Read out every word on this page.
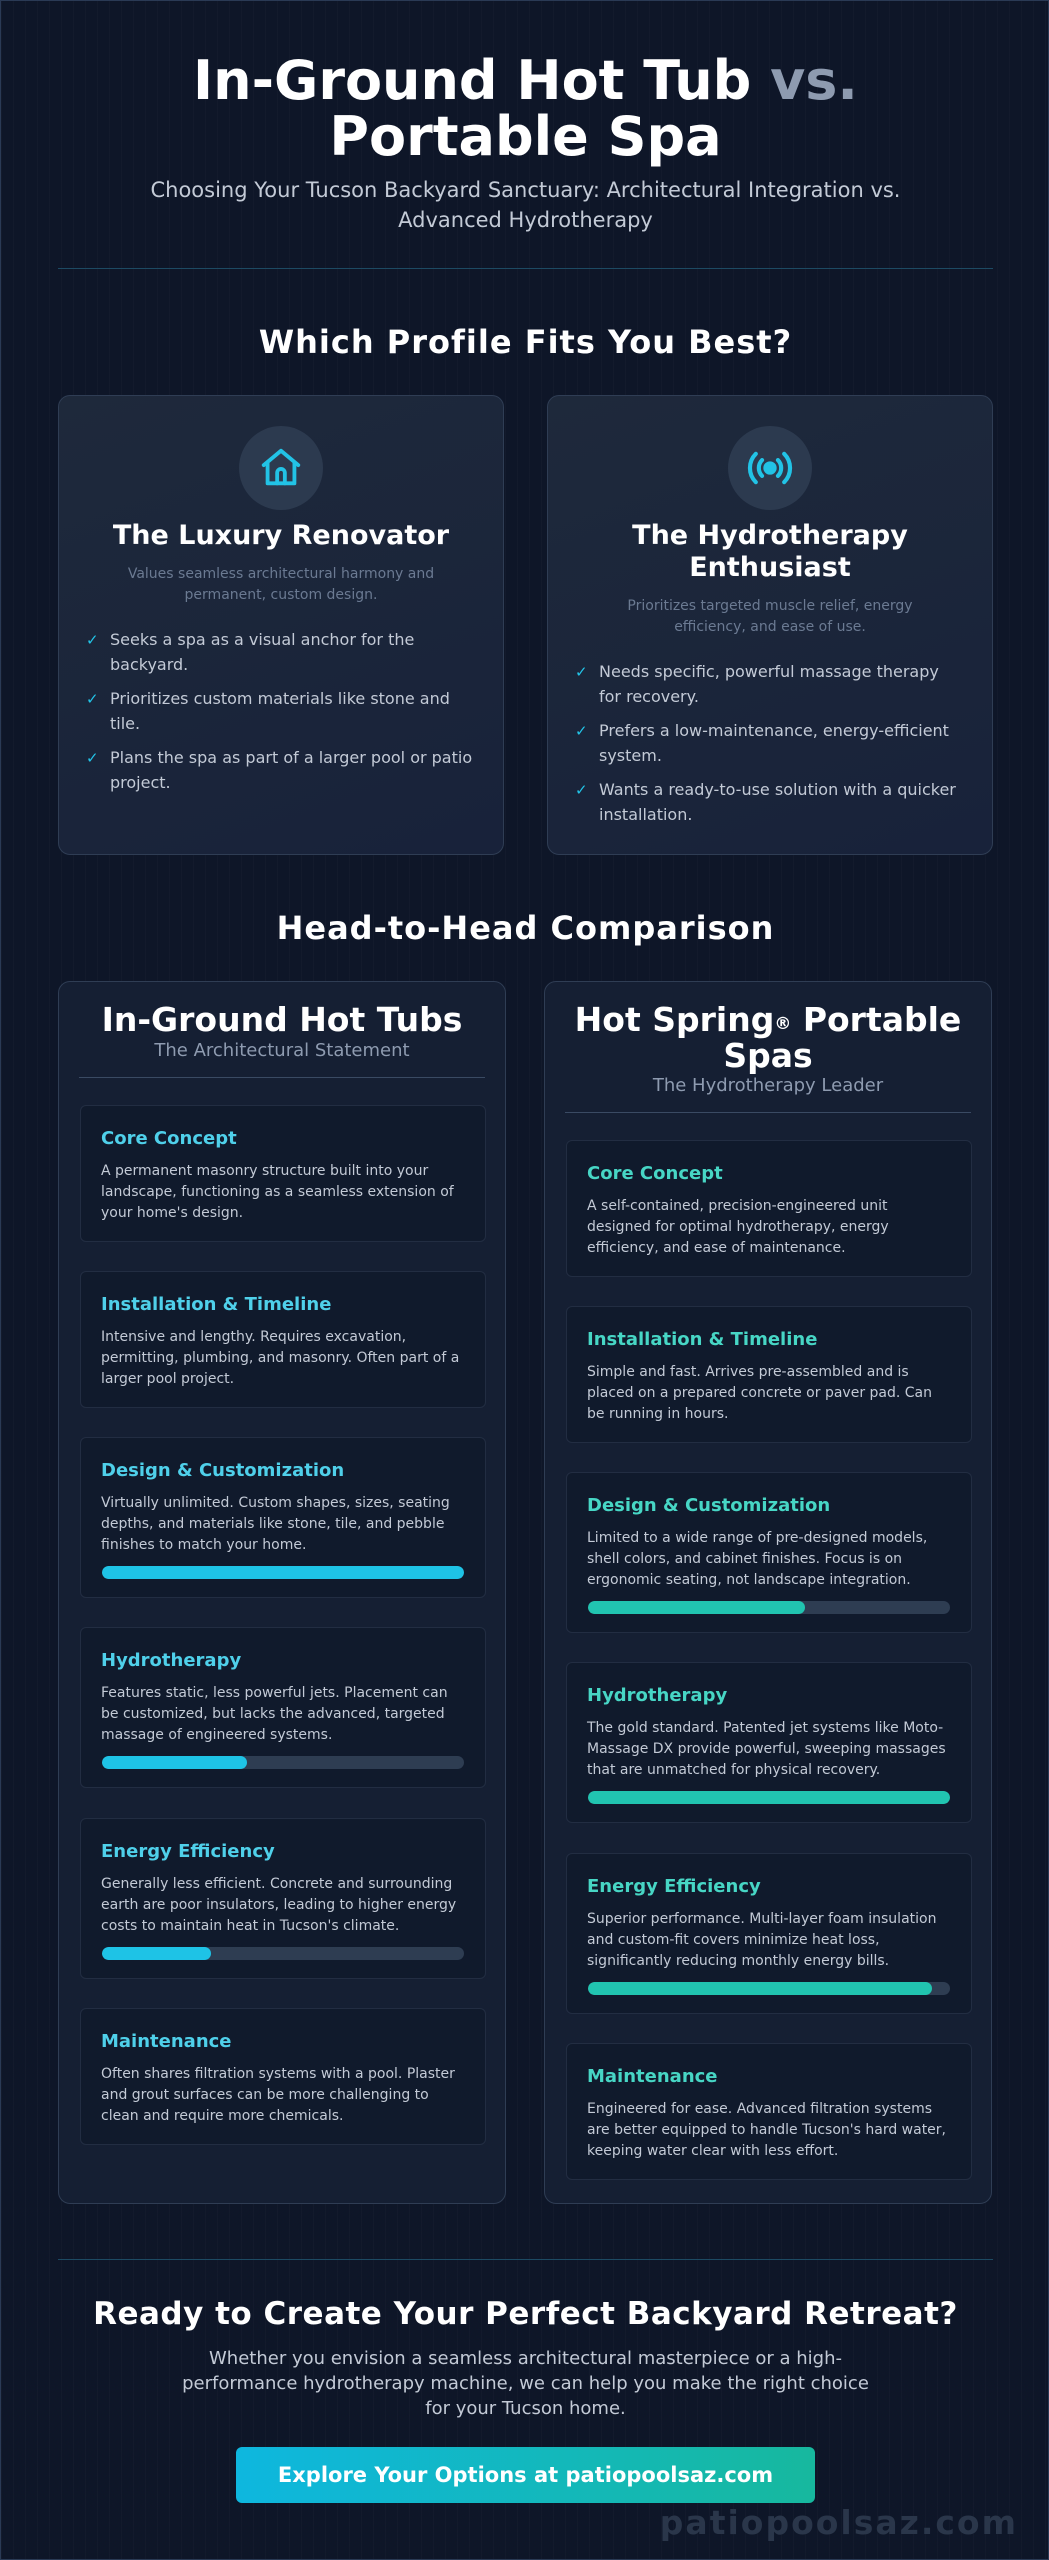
In-Ground Hot Tub vs. Portable Spa

Choosing Your Tucson Backyard Sanctuary: Architectural Integration vs. Advanced Hydrotherapy

Which Profile Fits You Best?
The Luxury Renovator
Values seamless architectural harmony and permanent, custom design.
✓ Seeks a spa as a visual anchor for the backyard.
✓ Prioritizes custom materials like stone and tile.
✓ Plans the spa as part of a larger pool or patio project.
The Hydrotherapy Enthusiast
Prioritizes targeted muscle relief, energy efficiency, and ease of use.
✓ Needs specific, powerful massage therapy for recovery.
✓ Prefers a low-maintenance, energy-efficient system.
✓ Wants a ready-to-use solution with a quicker installation.
Head-to-Head Comparison
In-Ground Hot Tubs
The Architectural Statement
Core Concept
A permanent masonry structure built into your landscape, functioning as a seamless extension of your home's design.
Installation & Timeline
Intensive and lengthy. Requires excavation, permitting, plumbing, and masonry. Often part of a larger pool project.
Design & Customization
Virtually unlimited. Custom shapes, sizes, seating depths, and materials like stone, tile, and pebble finishes to match your home.
Hydrotherapy
Features static, less powerful jets. Placement can be customized, but lacks the advanced, targeted massage of engineered systems.
Energy Efficiency
Generally less efficient. Concrete and surrounding earth are poor insulators, leading to higher energy costs to maintain heat in Tucson's climate.
Maintenance
Often shares filtration systems with a pool. Plaster and grout surfaces can be more challenging to clean and require more chemicals.
Hot Spring® Portable Spas
The Hydrotherapy Leader
Core Concept
A self-contained, precision-engineered unit designed for optimal hydrotherapy, energy efficiency, and ease of maintenance.
Installation & Timeline
Simple and fast. Arrives pre-assembled and is placed on a prepared concrete or paver pad. Can be running in hours.
Design & Customization
Limited to a wide range of pre-designed models, shell colors, and cabinet finishes. Focus is on ergonomic seating, not landscape integration.
Hydrotherapy
The gold standard. Patented jet systems like Moto-Massage DX provide powerful, sweeping massages that are unmatched for physical recovery.
Energy Efficiency
Superior performance. Multi-layer foam insulation and custom-fit covers minimize heat loss, significantly reducing monthly energy bills.
Maintenance
Engineered for ease. Advanced filtration systems are better equipped to handle Tucson's hard water, keeping water clear with less effort.
Ready to Create Your Perfect Backyard Retreat?

Whether you envision a seamless architectural masterpiece or a high-performance hydrotherapy machine, we can help you make the right choice for your Tucson home.

Explore Your Options at patiopoolsaz.com
patiopoolsaz.com
